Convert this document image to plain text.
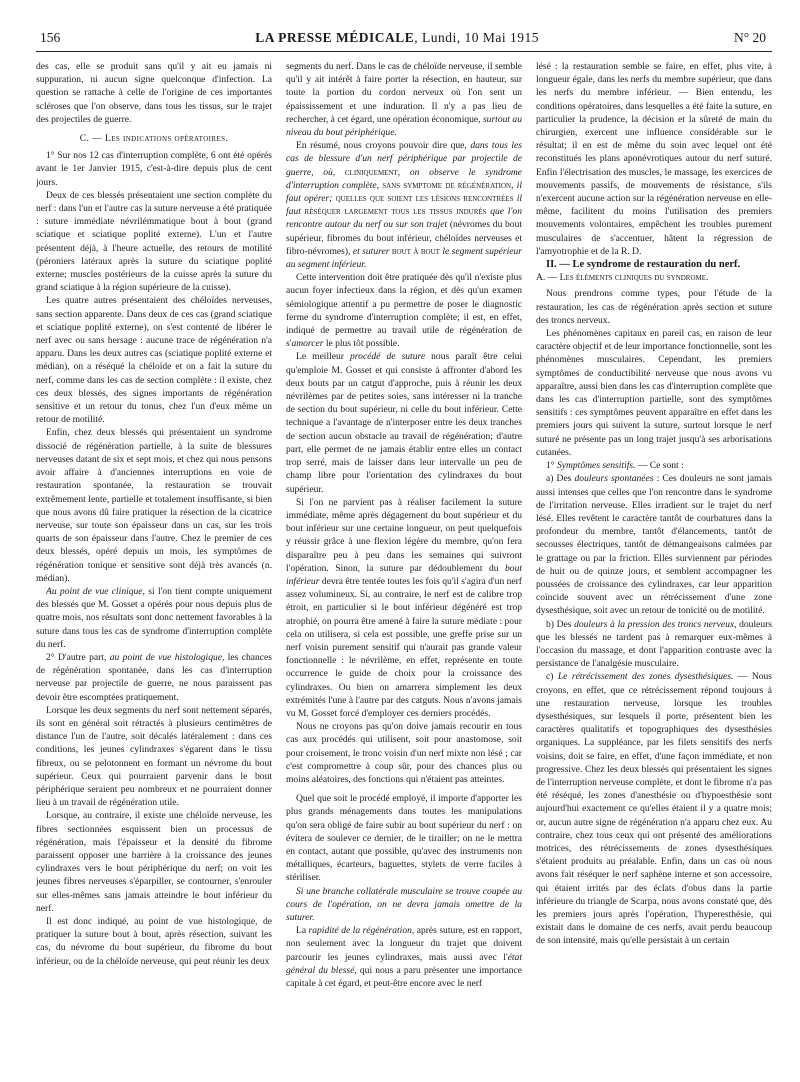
156	LA PRESSE MÉDICALE, Lundi, 10 Mai 1915	N° 20

des cas, elle se produit sans qu'il y ait eu jamais ni suppuration, ni aucun signe quelconque d'infection. La question se rattache à celle de l'origine de ces importantes scléroses que l'on observe, dans tous les tissus, sur le trajet des projectiles de guerre.

C. — Les indications opératoires.

1° Sur nos 12 cas d'interruption complète, 6 ont été opérés avant le 1er Janvier 1915, c'est-à-dire depuis plus de cent jours.

Deux de ces blessés présentaient une section complète du nerf : dans l'un et l'autre cas la suture nerveuse a été pratiquée : suture immédiate névrilémmatique bout à bout (grand sciatique et sciatique poplité externe). L'un et l'autre présentent déjà, à l'heure actuelle, des retours de motilité (péroniers latéraux après la suture du sciatique poplité externe; muscles postérieurs de la cuisse après la suture du grand sciatique à la région supérieure de la cuisse).

Les quatre autres présentaient des chéloïdes nerveuses, sans section apparente. Dans deux de ces cas (grand sciatique et sciatique poplité externe), on s'est contenté de libérer le nerf avec ou sans hersage : aucune trace de régénération n'a apparu. Dans les deux autres cas (sciatique poplité externe et médian), on a réséqué la chéloïde et on a fait la suture du nerf, comme dans les cas de section complète : il existe, chez ces deux blessés, des signes importants de régénération sensitive et un retour du tonus, chez l'un d'eux même un retour de motilité.

Enfin, chez deux blessés qui présentaient un syndrome dissocié de régénération partielle, à la suite de blessures nerveuses datant de six et sept mois, et chez qui nous pensons avoir affaire à d'anciennes interruptions en voie de restauration spontanée, la restauration se trouvait extrêmement lente, partielle et totalement insuffisante, si bien que nous avons dû faire pratiquer la résection de la cicatrice nerveuse, sur toute son épaisseur dans un cas, sur les trois quarts de son épaisseur dans l'autre. Chez le premier de ces deux blessés, opéré depuis un mois, les symptômes de régénération tonique et sensitive sont déjà très avancés (n. médian).

Au point de vue clinique, si l'on tient compte uniquement des blessés que M. Gosset a opérés pour nous depuis plus de quatre mois, nos résultats sont donc nettement favorables à la suture dans tous les cas de syndrome d'interruption complète du nerf.

2° D'autre part, au point de vue histologique, les chances de régénération spontanée, dans les cas d'interruption nerveuse par projectile de guerre, ne nous paraissent pas devoir être escomptées pratiquement.

Lorsque les deux segments du nerf sont nettement séparés, ils sont en général soit rétractés à plusieurs centimètres de distance l'un de l'autre, soit décalés latéralement : dans ces conditions, les jeunes cylindraxes s'égarent dans le tissu fibreux, ou se pelotonnent en formant un névrome du bout supérieur. Ceux qui pourraient parvenir dans le bout périphérique seraient peu nombreux et ne pourraient donner lieu à un travail de régénération utile.

Lorsque, au contraire, il existe une chéloïde nerveuse, les fibres sectionnées esquissent bien un processus de régénération, mais l'épaisseur et la densité du fibrome paraissent opposer une barrière à la croissance des jeunes cylindraxes vers le bout périphérique du nerf; on voit les jeunes fibres nerveuses s'éparpiller, se contourner, s'enrouler sur elles-mêmes sans jamais atteindre le bout inférieur du nerf.

Il est donc indiqué, au point de vue histologique, de pratiquer la suture bout à bout, après résection, suivant les cas, du névrome du bout supérieur, du fibrome du bout inférieur, ou de la chéloïde nerveuse, qui peut réunir les deux

segments du nerf. Dans le cas de chéloïde nerveuse, il semble qu'il y ait intérêt à faire porter la résection, en hauteur, sur toute la portion du cordon nerveux où l'on sent un épaississement et une induration. Il n'y a pas lieu de rechercher, à cet égard, une opération économique, surtout au niveau du bout périphérique.

En résumé, nous croyons pouvoir dire que, dans tous les cas de blessure d'un nerf périphérique par projectile de guerre, où, cliniquement, on observe le syndrome d'interruption complète, sans symptome de régénération, il faut opérer; quelles que soient les lésions rencontrées il faut réséquer largement tous les tissus indurés que l'on rencontre autour du nerf ou sur son trajet (névromes du bout supérieur, fibromes du bout inférieur, chéloïdes nerveuses et fibro-névromes), et suturer bout à bout le segment supérieur au segment inférieur.

Cette intervention doit être pratiquée dès qu'il n'existe plus aucun foyer infectieux dans la région, et dès qu'un examen sémiologique attentif a pu permettre de poser le diagnostic ferme du syndrome d'interruption complète; il est, en effet, indiqué de permettre au travail utile de régénération de s'amorcer le plus tôt possible.

Le meilleur procédé de suture nous paraît être celui qu'emploie M. Gosset et qui consiste à affronter d'abord les deux bouts par un catgut d'approche, puis à réunir les deux névrilèmes par de petites soies, sans intéresser ni la tranche de section du bout supérieur, ni celle du bout inférieur. Cette technique a l'avantage de n'interposer entre les deux tranches de section aucun obstacle au travail de régénération; d'autre part, elle permet de ne jamais établir entre elles un contact trop serré, mais de laisser dans leur intervalle un peu de champ libre pour l'orientation des cylindraxes du bout supérieur.

Si l'on ne parvient pas à réaliser facilement la suture immédiate, même après dégagement du bout supérieur et du bout inférieur sur une certaine longueur, on peut quelquefois y réussir grâce à une flexion légère du membre, qu'on fera disparaître peu à peu dans les semaines qui suivront l'opération. Sinon, la suture par dédoublement du bout inférieur devra être tentée toutes les fois qu'il s'agira d'un nerf assez volumineux. Si, au contraire, le nerf est de calibre trop étroit, en particulier si le bout inférieur dégénéré est trop atrophié, on pourra être amené à faire la suture médiate : pour cela on utilisera, si cela est possible, une greffe prise sur un nerf voisin purement sensitif qui n'aurait pas grande valeur fonctionnelle : le névrilème, en effet, représente en toute occurrence le guide de choix pour la croissance des cylindraxes. Ou bien on amarrera simplement les deux extrémités l'une à l'autre par des catguts. Nous n'avons jamais vu M. Gosset forcé d'employer ces derniers procédés.

Nous ne croyons pas qu'on doive jamais recourir en tous cas aux procédés qui utilisent, soit pour anastomose, soit pour croisement, le tronc voisin d'un nerf mixte non lésé ; car c'est compromettre à coup sûr, pour des chances plus ou moins aléatoires, des fonctions qui n'étaient pas atteintes.

Quel que soit le procédé employé, il importe d'apporter les plus grands ménagements dans toutes les manipulations qu'on sera obligé de faire subir au bout supérieur du nerf : on évitera de soulever ce dernier, de le tirailler; on ne le mettra en contact, autant que possible, qu'avec des instruments non métalliques, écarteurs, baguettes, stylets de verre faciles à stériliser.

Si une branche collatérale musculaire se trouve coupée au cours de l'opération, on ne devra jamais omettre de la suturer.

La rapidité de la régénération, après suture, est en rapport, non seulement avec la longueur du trajet que doivent parcourir les jeunes cylindraxes, mais aussi avec l'état général du blessé, qui nous a paru présenter une importance capitale à cet égard, et peut-être encore avec le nerf

lésé : la restauration semble se faire, en effet, plus vite, à longueur égale, dans les nerfs du membre supérieur, que dans les nerfs du membre inférieur. — Bien entendu, les conditions opératoires, dans lesquelles a été faite la suture, en particulier la prudence, la décision et la sûreté de main du chirurgien, exercent une influence considérable sur le résultat; il en est de même du soin avec lequel ont été reconstitués les plans aponévrotiques autour du nerf suturé. Enfin l'électrisation des muscles, le massage, les exercices de mouvements passifs, de mouvements de résistance, s'ils n'exercent aucune action sur la régénération nerveuse en elle-même, facilitent du moins l'utilisation des premiers mouvements volontaires, empêchent les troubles purement musculaires de s'accentuer, hâtent la régression de l'amyotrophie et de la R. D.

II. — Le syndrome de restauration du nerf.

A. — Les éléments cliniques du syndrome.

Nous prendrons comme types, pour l'étude de la restauration, les cas de régénération après section et suture des troncs nerveux.

Les phénomènes capitaux en pareil cas, en raison de leur caractère objectif et de leur importance fonctionnelle, sont les phénomènes musculaires. Cependant, les premiers symptômes de conductibilité nerveuse que nous avons vu apparaître, aussi bien dans les cas d'interruption complète que dans les cas d'interruption partielle, sont des symptômes sensitifs : ces symptômes peuvent apparaître en effet dans les premiers jours qui suivent la suture, surtout lorsque le nerf suturé ne présente pas un long trajet jusqu'à ses arborisations cutanées.

1° Symptômes sensitifs. — Ce sont :

a) Des douleurs spontanées : Ces douleurs ne sont jamais aussi intenses que celles que l'on rencontre dans le syndrome de l'irritation nerveuse. Elles irradient sur le trajet du nerf lésé. Elles revêtent le caractère tantôt de courbatures dans la profondeur du membre, tantôt d'élancements, tantôt de secousses électriques, tantôt de démangeaisons calmées par le grattage ou par la friction. Elles surviennent par périodes de huit ou de quinze jours, et semblent accompagner les poussées de croissance des cylindraxes, car leur apparition coïncide souvent avec un rétrécissement d'une zone dysesthésique, soit avec un retour de tonicité ou de motilité.

b) Des douleurs à la pression des troncs nerveux, douleurs que les blessés ne tardent pas à remarquer eux-mêmes à l'occasion du massage, et dont l'apparition contraste avec la persistance de l'analgésie musculaire.

c) Le rétrécissement des zones dysesthésiques. — Nous croyons, en effet, que ce rétrécissement répond toujours à une restauration nerveuse, lorsque les troubles dysesthésiques, sur lesquels il porte, présentent bien les caractères qualitatifs et topographiques des dysesthésies organiques. La suppléance, par les filets sensitifs des nerfs voisins, doit se faire, en effet, d'une façon immédiate, et non progressive. Chez les deux blessés qui présentaient les signes de l'interruption nerveuse complète, et dont le fibrome n'a pas été réséqué, les zones d'anesthésie ou d'hypoesthésie sont aujourd'hui exactement ce qu'elles étaient il y a quatre mois; or, aucun autre signe de régénération n'a apparu chez eux. Au contraire, chez tous ceux qui ont présenté des améliorations motrices, des rétrécissements de zones dysesthésiques s'étaient produits au préalable. Enfin, dans un cas où nous avons fait réséquer le nerf saphène interne et son accessoire, qui étaient irrités par des éclats d'obus dans la partie inférieure du triangle de Scarpa, nous avons constaté que, dès les premiers jours après l'opération, l'hyperesthésie, qui existait dans le domaine de ces nerfs, avait perdu beaucoup de son intensité, mais qu'elle persistait à un certain
